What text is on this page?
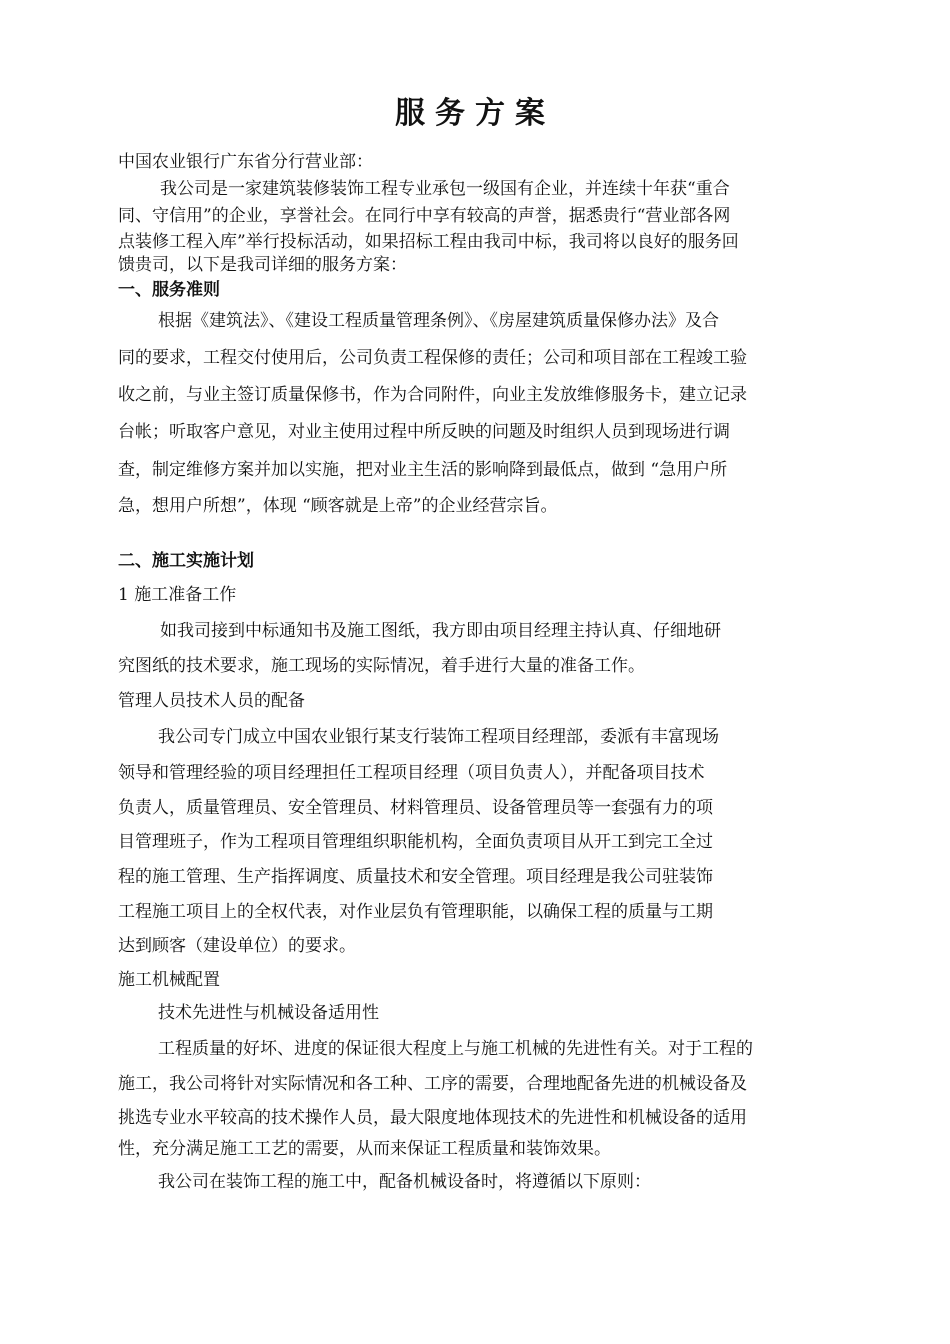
服务方案
中国农业银行广东省分行营业部：
我公司是一家建筑装修装饰工程专业承包一级国有企业，并连续十年获“重合
同、守信用”的企业，享誉社会。在同行中享有较高的声誉，据悉贵行“营业部各网
点装修工程入库”举行投标活动，如果招标工程由我司中标，我司将以良好的服务回
馈贵司，以下是我司详细的服务方案：
一、服务准则
根据《建筑法》、《建设工程质量管理条例》、《房屋建筑质量保修办法》及合
同的要求，工程交付使用后，公司负责工程保修的责任；公司和项目部在工程竣工验
收之前，与业主签订质量保修书，作为合同附件，向业主发放维修服务卡，建立记录
台帐；听取客户意见，对业主使用过程中所反映的问题及时组织人员到现场进行调
查，制定维修方案并加以实施，把对业主生活的影响降到最低点，做到 “急用户所
急，想用户所想”，体现 “顾客就是上帝”的企业经营宗旨。
二、施工实施计划
1 施工准备工作
如我司接到中标通知书及施工图纸，我方即由项目经理主持认真、仔细地研
究图纸的技术要求，施工现场的实际情况，着手进行大量的准备工作。
管理人员技术人员的配备
我公司专门成立中国农业银行某支行装饰工程项目经理部，委派有丰富现场
领导和管理经验的项目经理担任工程项目经理（项目负责人），并配备项目技术
负责人，质量管理员、安全管理员、材料管理员、设备管理员等一套强有力的项
目管理班子，作为工程项目管理组织职能机构，全面负责项目从开工到完工全过
程的施工管理、生产指挥调度、质量技术和安全管理。项目经理是我公司驻装饰
工程施工项目上的全权代表，对作业层负有管理职能，以确保工程的质量与工期
达到顾客（建设单位）的要求。
施工机械配置
技术先进性与机械设备适用性
工程质量的好坏、进度的保证很大程度上与施工机械的先进性有关。对于工程的
施工，我公司将针对实际情况和各工种、工序的需要，合理地配备先进的机械设备及
挑选专业水平较高的技术操作人员，最大限度地体现技术的先进性和机械设备的适用
性，充分满足施工工艺的需要，从而来保证工程质量和装饰效果。
我公司在装饰工程的施工中，配备机械设备时，将遵循以下原则：
